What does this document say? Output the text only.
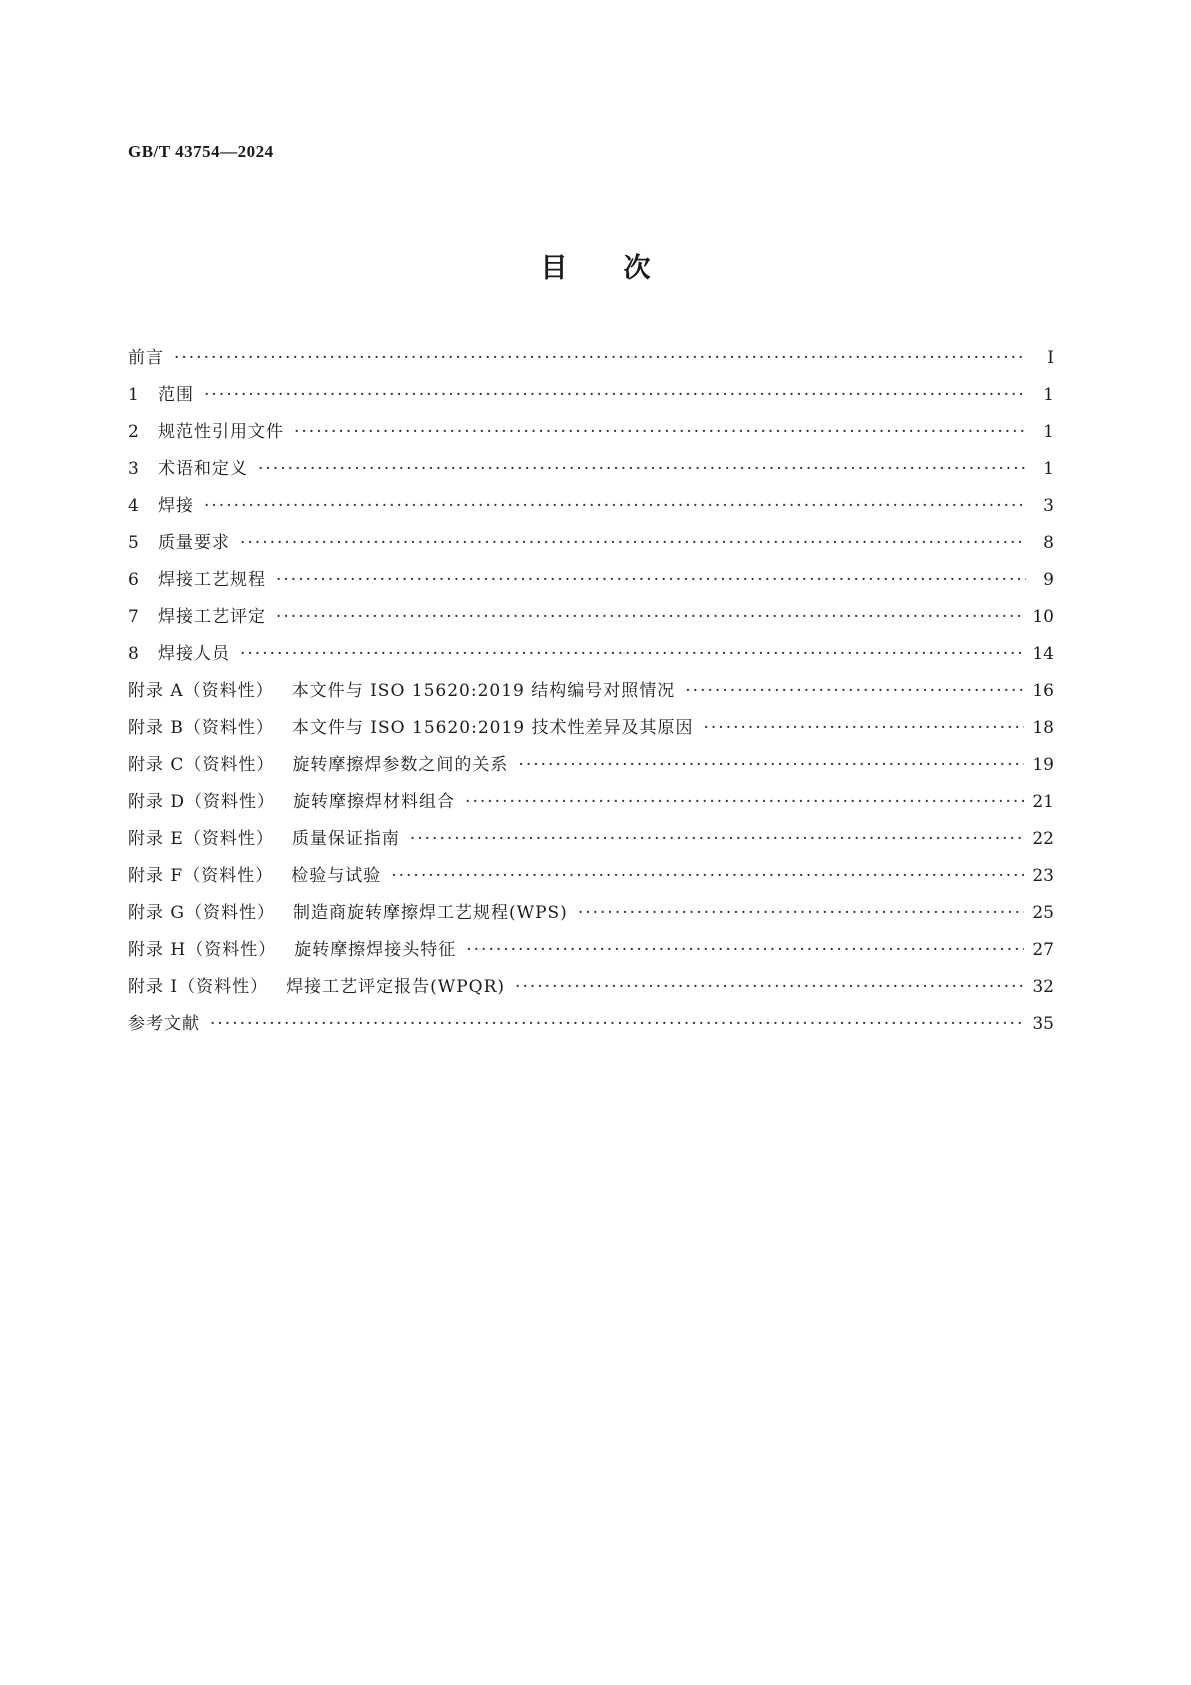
GB/T 43754—2024
目次
前言 ·····	Ⅰ
1 范围 ·····	1
2 规范性引用文件 ·····	1
3 术语和定义 ·····	1
4 焊接 ·····	3
5 质量要求 ·····	8
6 焊接工艺规程 ·····	9
7 焊接工艺评定 ·····	10
8 焊接人员 ·····	14
附录 A（资料性） 本文件与 ISO 15620:2019 结构编号对照情况 ·····	16
附录 B（资料性） 本文件与 ISO 15620:2019 技术性差异及其原因 ·····	18
附录 C（资料性） 旋转摩擦焊参数之间的关系 ·····	19
附录 D（资料性） 旋转摩擦焊材料组合 ·····	21
附录 E（资料性） 质量保证指南 ·····	22
附录 F（资料性） 检验与试验 ·····	23
附录 G（资料性） 制造商旋转摩擦焊工艺规程(WPS) ·····	25
附录 H（资料性） 旋转摩擦焊接头特征 ·····	27
附录 I（资料性） 焊接工艺评定报告(WPQR) ·····	32
参考文献 ·····	35
